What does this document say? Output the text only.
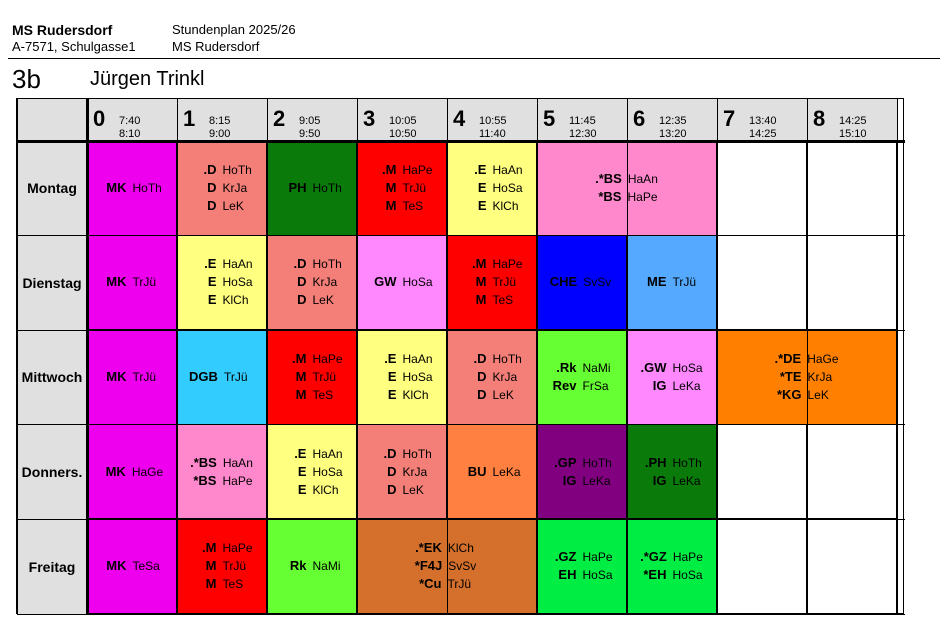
MS Rudersdorf
A-7571, Schulgasse1
Stundenplan 2025/26
MS Rudersdorf
3b Jürgen Trinkl
0 7:40
8:10
1 8:15
9:00
2 9:05
9:50
3 10:05
10:50
4 10:55
11:40
5 11:45
12:30
6 12:35
13:20
7 13:40
14:25
8 14:25
15:10
Montag
Dienstag
Mittwoch
Donners.
Freitag
MK HoTh
.D HoTh
D KrJa
D LeK
PH HoTh
.M HaPe
M TrJü
M TeS
.E HaAn
E HoSa
E KlCh
.*BS HaAn
*BS HaPe
MK TrJü
.E HaAn
E HoSa
E KlCh
.D HoTh
D KrJa
D LeK
GW HoSa
.M HaPe
M TrJü
M TeS
CHE SvSv	ME TrJü
MK TrJü	DGB TrJü
.M HaPe
M TrJü
M TeS
.E HaAn
E HoSa
E KlCh
.D HoTh
D KrJa
D LeK
.Rk NaMi
Rev FrSa
.GW HoSa
IG LeKa
.*DE HaGe
*TE KrJa
*KG LeK
MK HaGe
.*BS HaAn
*BS HaPe
.E HaAn
E HoSa
E KlCh
.D HoTh
D KrJa
D LeK
BU LeKa
.GP HoTh
IG LeKa
.PH HoTh
IG LeKa
MK TeSa
.M HaPe
M TrJü
M TeS
Rk NaMi
.*EK KlCh
*F4J SvSv
*Cu TrJü
.GZ HaPe
EH HoSa
.*GZ HaPe
*EH HoSa
